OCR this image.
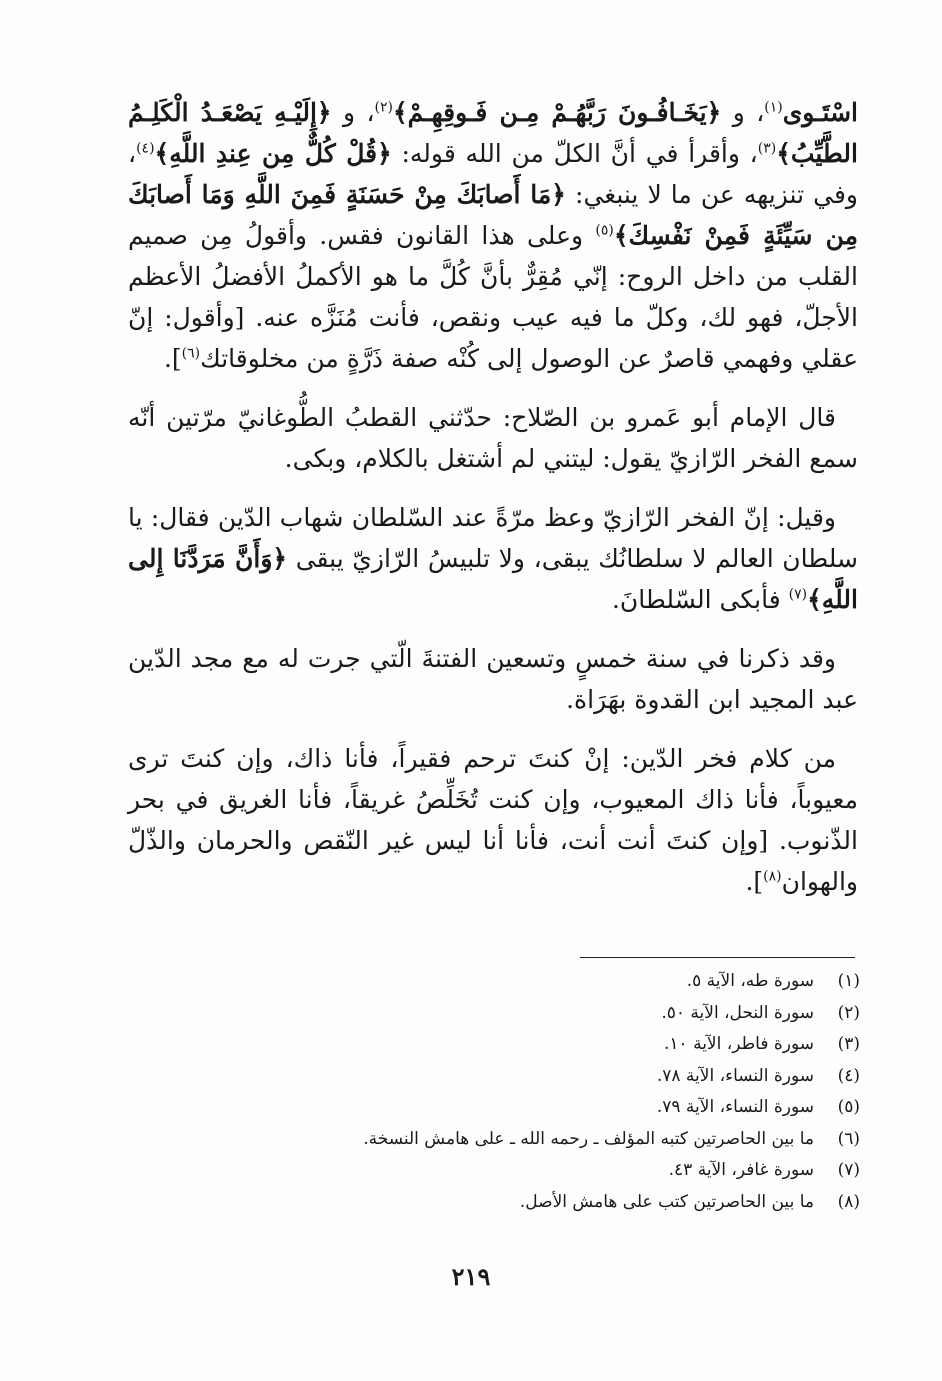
اسْتَـوى$^{(١)}$، و ﴿يَخَـافُـونَ رَبَّهُـمْ مِـن فَـوقِهِـمْ﴾$^{(٢)}$، و ﴿إِلَيْـهِ يَصْعَـدُ الْكَلِـمُ الطَّيِّبُ﴾$^{(٣)}$، وأقرأ في أنَّ الكلّ من الله قوله: ﴿قُلْ كُلٌّ مِن عِندِ اللَّهِ﴾$^{(٤)}$، وفي تنزيهه عن ما لا ينبغي: ﴿مَا أَصابَكَ مِنْ حَسَنَةٍ فَمِنَ اللَّهِ وَمَا أَصابَكَ مِن سَيِّئَةٍ فَمِنْ نَفْسِكَ﴾$^{(٥)}$ وعلى هذا القانون فقس. وأقولُ مِن صميم القلب من داخل الروح: إنّي مُقِرٌّ بأنَّ كُلَّ ما هو الأكملُ الأفضلُ الأعظم الأجلّ، فهو لك، وكلّ ما فيه عيب ونقص، فأنت مُنَزَّه عنه. [وأقول: إنّ عقلي وفهمي قاصرٌ عن الوصول إلى كُنْه صفة ذَرَّةٍ من مخلوقاتك$^{(٦)}$].

قال الإمام أبو عَمرو بن الصّلاح: حدّثني القطبُ الطُّوغانيّ مرّتين أنّه سمع الفخر الرّازيّ يقول: ليتني لم أشتغل بالكلام، وبكى.

وقيل: إنّ الفخر الرّازيّ وعظ مرّةً عند السّلطان شهاب الدّين فقال: يا سلطان العالم لا سلطانُك يبقى، ولا تلبيسُ الرّازيّ يبقى ﴿وَأَنَّ مَرَدَّنَا إِلى اللَّهِ﴾$^{(٧)}$ فأبكى السّلطانَ.

وقد ذكرنا في سنة خمسٍ وتسعين الفتنةَ الّتي جرت له مع مجد الدّين عبد المجيد ابن القدوة بهَرَاة.

من كلام فخر الدّين: إنْ كنتَ ترحم فقيراً، فأنا ذاك، وإن كنتَ ترى معيوباً، فأنا ذاك المعيوب، وإن كنت تُخَلِّصُ غريقاً، فأنا الغريق في بحر الذّنوب. [وإن كنتَ أنت أنت، فأنا أنا ليس غير النّقص والحرمان والذّلّ والهوان$^{(٨)}$].

(١)
سورة طه، الآية ٥.
(٢)
سورة النحل، الآية ٥٠.
(٣)
سورة فاطر، الآية ١٠.
(٤)
سورة النساء، الآية ٧٨.
(٥)
سورة النساء، الآية ٧٩.
(٦)
ما بين الحاصرتين كتبه المؤلف ـ رحمه الله ـ على هامش النسخة.
(٧)
سورة غافر، الآية ٤٣.
(٨)
ما بين الحاصرتين كتب على هامش الأصل.
٢١٩
